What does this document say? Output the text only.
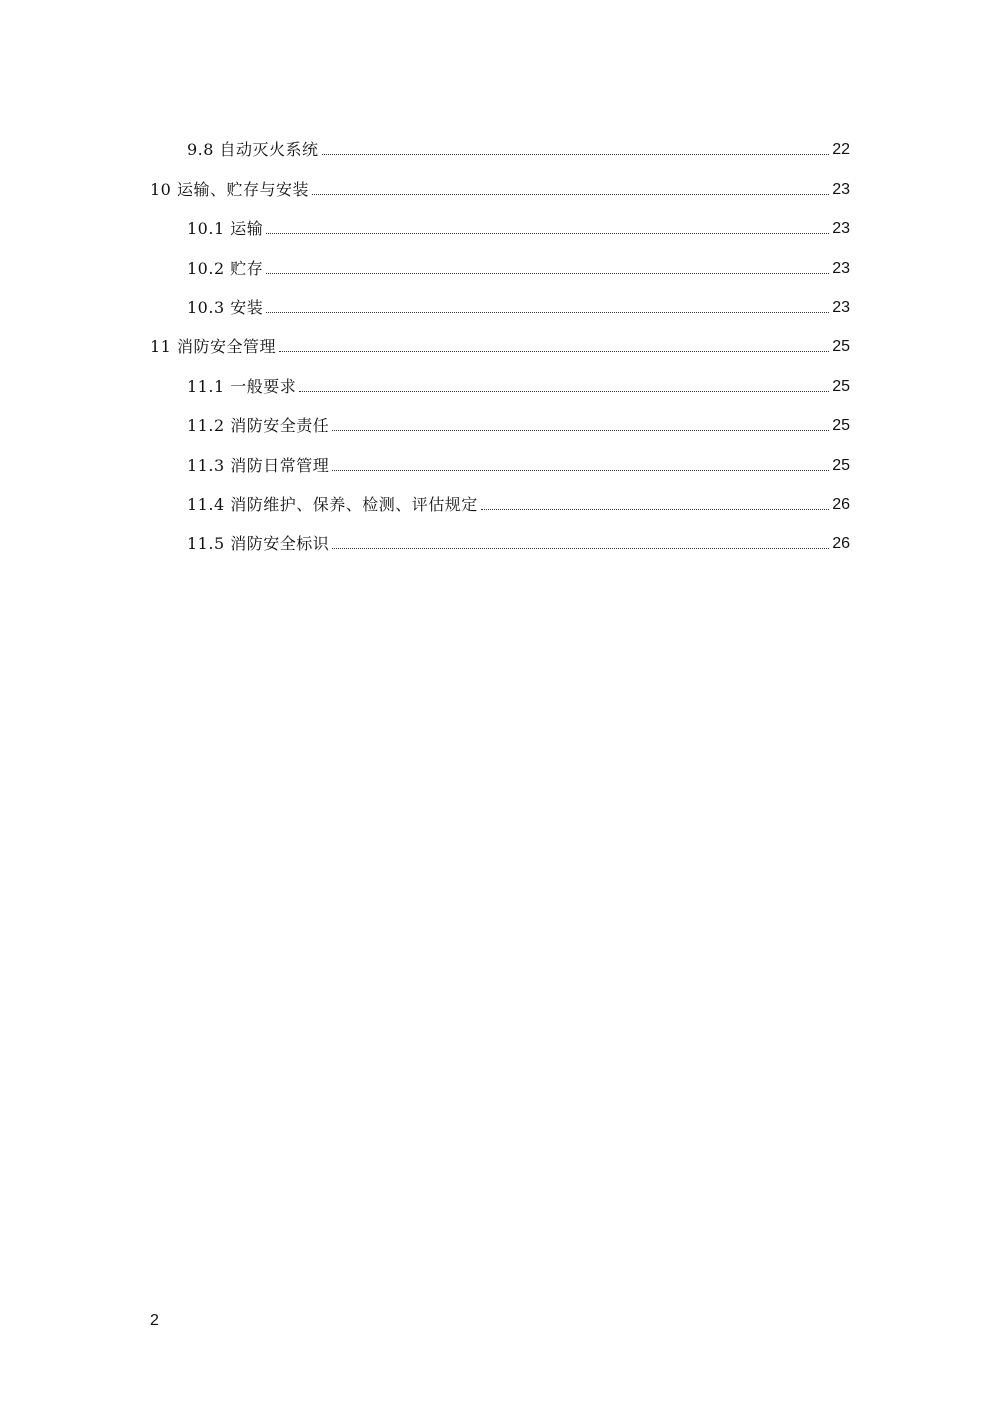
9.8 自动灭火系统	22
10 运输、贮存与安装	23
10.1 运输	23
10.2 贮存	23
10.3 安装	23
11 消防安全管理	25
11.1 一般要求	25
11.2 消防安全责任	25
11.3 消防日常管理	25
11.4 消防维护、保养、检测、评估规定	26
11.5 消防安全标识	26
2
